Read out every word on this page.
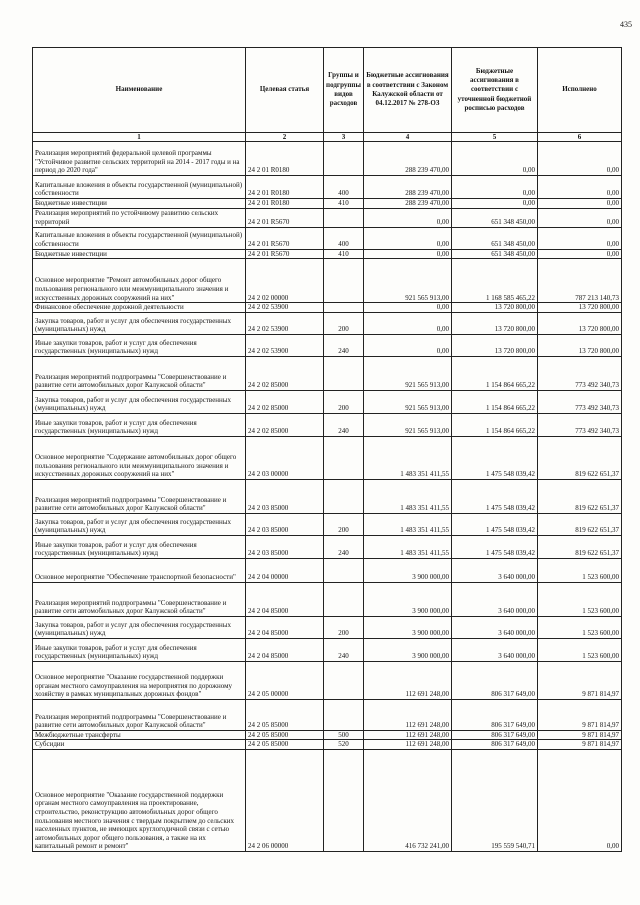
435
Наименование	Целевая статья	Группы и подгруппы видов расходов	Бюджетные ассигнования в соответствии с Законом Калужской области от 04.12.2017 № 278-ОЗ	Бюджетные ассигнования в соответствии с уточненной бюджетной росписью расходов	Исполнено
1	2	3	4	5	6
Реализация мероприятий федеральной целевой программы "Устойчивое развитие сельских территорий на 2014 - 2017 годы и на период до 2020 года"	24 2 01 R0180		288 239 470,00	0,00	0,00
Капитальные вложения в объекты государственной (муниципальной) собственности	24 2 01 R0180	400	288 239 470,00	0,00	0,00
Бюджетные инвестиции	24 2 01 R0180	410	288 239 470,00	0,00	0,00
Реализация мероприятий по устойчивому развитию сельских территорий	24 2 01 R5670		0,00	651 348 450,00	0,00
Капитальные вложения в объекты государственной (муниципальной) собственности	24 2 01 R5670	400	0,00	651 348 450,00	0,00
Бюджетные инвестиции	24 2 01 R5670	410	0,00	651 348 450,00	0,00
Основное мероприятие "Ремонт автомобильных дорог общего пользования регионального или межмуниципального значения и искусственных дорожных сооружений на них"	24 2 02 00000		921 565 913,00	1 168 585 465,22	787 213 140,73
Финансовое обеспечение дорожной деятельности	24 2 02 53900		0,00	13 720 800,00	13 720 800,00
Закупка товаров, работ и услуг для обеспечения государственных (муниципальных) нужд	24 2 02 53900	200	0,00	13 720 800,00	13 720 800,00
Иные закупки товаров, работ и услуг для обеспечения государственных (муниципальных) нужд	24 2 02 53900	240	0,00	13 720 800,00	13 720 800,00
Реализация мероприятий подпрограммы "Совершенствование и развитие сети автомобильных дорог Калужской области"	24 2 02 85000		921 565 913,00	1 154 864 665,22	773 492 340,73
Закупка товаров, работ и услуг для обеспечения государственных (муниципальных) нужд	24 2 02 85000	200	921 565 913,00	1 154 864 665,22	773 492 340,73
Иные закупки товаров, работ и услуг для обеспечения государственных (муниципальных) нужд	24 2 02 85000	240	921 565 913,00	1 154 864 665,22	773 492 340,73
Основное мероприятие "Содержание автомобильных дорог общего пользования регионального или межмуниципального значения и искусственных дорожных сооружений на них"	24 2 03 00000		1 483 351 411,55	1 475 548 039,42	819 622 651,37
Реализация мероприятий подпрограммы "Совершенствование и развитие сети автомобильных дорог Калужской области"	24 2 03 85000		1 483 351 411,55	1 475 548 039,42	819 622 651,37
Закупка товаров, работ и услуг для обеспечения государственных (муниципальных) нужд	24 2 03 85000	200	1 483 351 411,55	1 475 548 039,42	819 622 651,37
Иные закупки товаров, работ и услуг для обеспечения государственных (муниципальных) нужд	24 2 03 85000	240	1 483 351 411,55	1 475 548 039,42	819 622 651,37
Основное мероприятие "Обеспечение транспортной безопасности"	24 2 04 00000		3 900 000,00	3 640 000,00	1 523 600,00
Реализация мероприятий подпрограммы "Совершенствование и развитие сети автомобильных дорог Калужской области"	24 2 04 85000		3 900 000,00	3 640 000,00	1 523 600,00
Закупка товаров, работ и услуг для обеспечения государственных (муниципальных) нужд	24 2 04 85000	200	3 900 000,00	3 640 000,00	1 523 600,00
Иные закупки товаров, работ и услуг для обеспечения государственных (муниципальных) нужд	24 2 04 85000	240	3 900 000,00	3 640 000,00	1 523 600,00
Основное мероприятие "Оказание государственной поддержки органам местного самоуправления на мероприятия по дорожному хозяйству в рамках муниципальных дорожных фондов"	24 2 05 00000		112 691 248,00	806 317 649,00	9 871 814,97
Реализация мероприятий подпрограммы "Совершенствование и развитие сети автомобильных дорог Калужской области"	24 2 05 85000		112 691 248,00	806 317 649,00	9 871 814,97
Межбюджетные трансферты	24 2 05 85000	500	112 691 248,00	806 317 649,00	9 871 814,97
Субсидии	24 2 05 85000	520	112 691 248,00	806 317 649,00	9 871 814,97
Основное мероприятие "Оказание государственной поддержки органам местного самоуправления на проектирование, строительство, реконструкцию автомобильных дорог общего пользования местного значения с твердым покрытием до сельских населенных пунктов, не имеющих круглогодичной связи с сетью автомобильных дорог общего пользования, а также на их капитальный ремонт и ремонт"	24 2 06 00000		416 732 241,00	195 559 540,71	0,00
